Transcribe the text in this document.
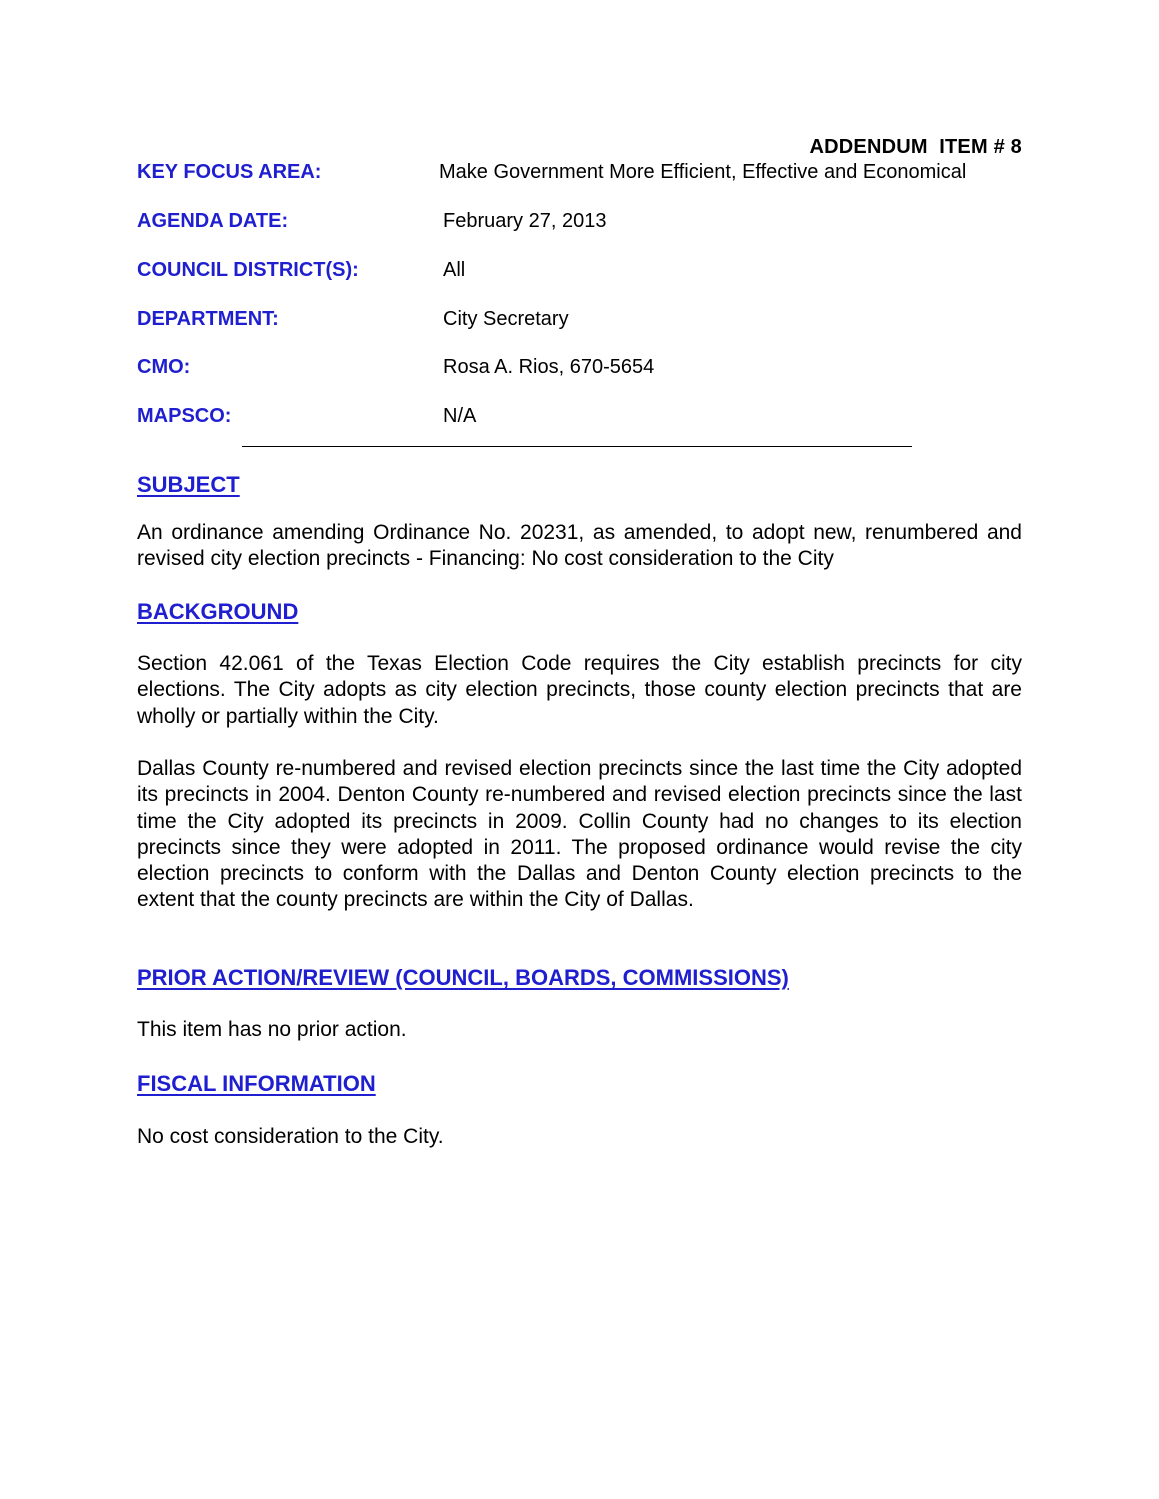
ADDENDUM  ITEM # 8
KEY FOCUS AREA:	Make Government More Efficient, Effective and Economical
AGENDA DATE:	February 27, 2013
COUNCIL DISTRICT(S):	All
DEPARTMENT:	City Secretary
CMO:	Rosa A. Rios, 670-5654
MAPSCO:	N/A
SUBJECT
An ordinance amending Ordinance No. 20231, as amended, to adopt new, renumbered and revised city election precincts - Financing: No cost consideration to the City
BACKGROUND
Section 42.061 of the Texas Election Code requires the City establish precincts for city elections. The City adopts as city election precincts, those county election precincts that are wholly or partially within the City.
Dallas County re-numbered and revised election precincts since the last time the City adopted its precincts in 2004. Denton County re-numbered and revised election precincts since the last time the City adopted its precincts in 2009. Collin County had no changes to its election precincts since they were adopted in 2011. The proposed ordinance would revise the city election precincts to conform with the Dallas and Denton County election precincts to the extent that the county precincts are within the City of Dallas.
PRIOR ACTION/REVIEW (COUNCIL, BOARDS, COMMISSIONS)
This item has no prior action.
FISCAL INFORMATION
No cost consideration to the City.
